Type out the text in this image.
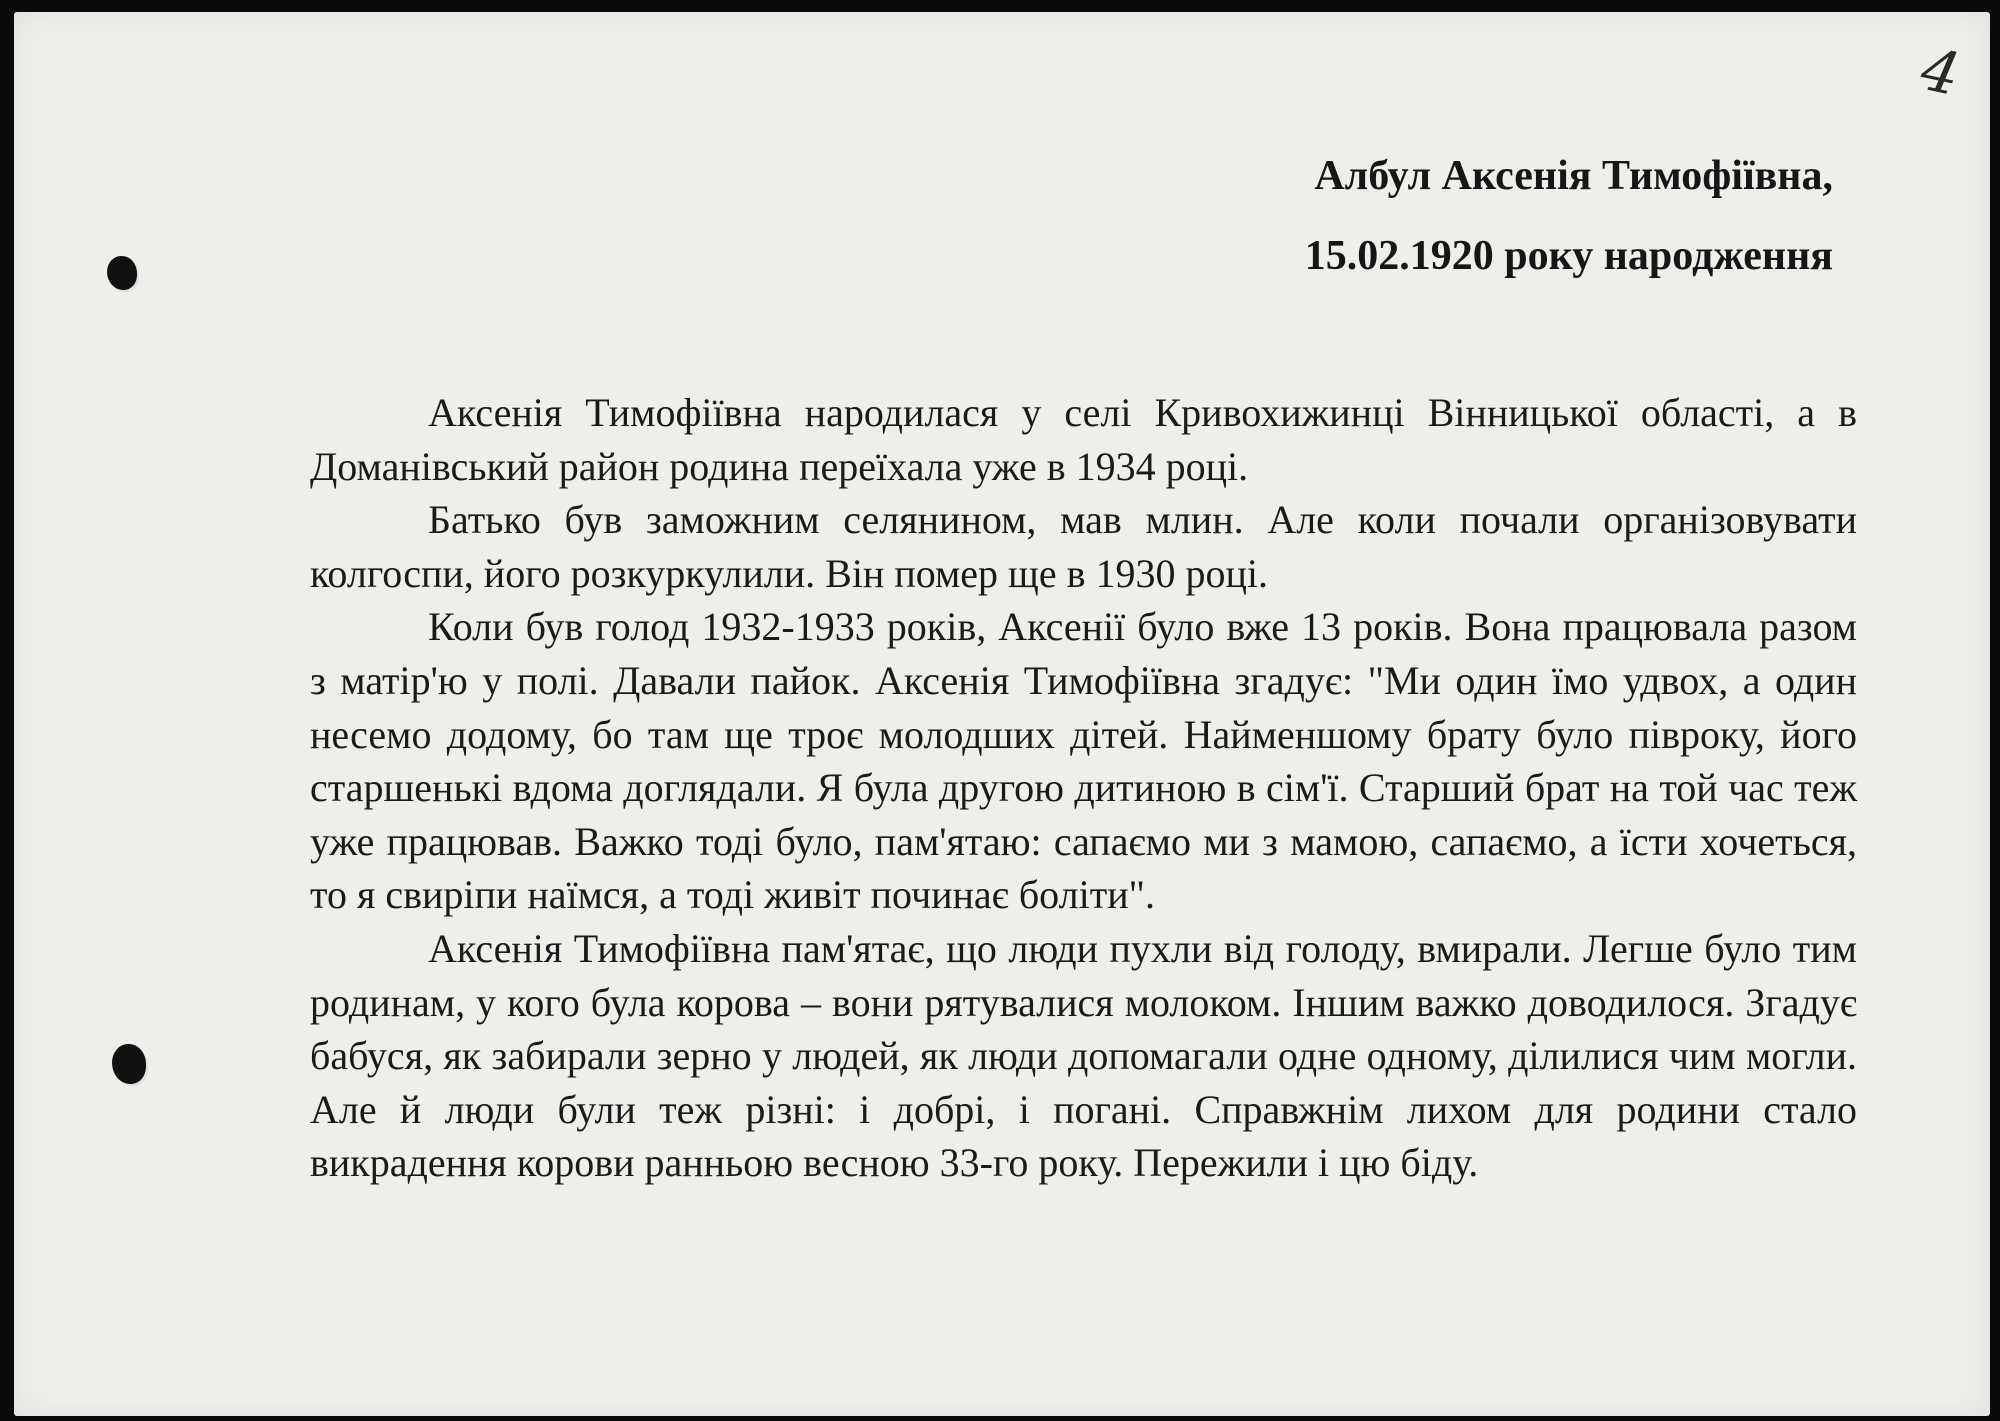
4
Албул Аксенія Тимофіївна,
15.02.1920 року народження

Аксенія Тимофіївна народилася у селі Кривохижинці Вінницької області, а в Доманівський район родина переїхала уже в 1934 році.

Батько був заможним селянином, мав млин. Але коли почали організовувати колгоспи, його розкуркулили. Він помер ще в 1930 році.

Коли був голод 1932-1933 років, Аксенії було вже 13 років. Вона працювала разом з матір'ю у полі. Давали пайок. Аксенія Тимофіївна згадує: "Ми один їмо удвох, а один несемо додому, бо там ще троє молодших дітей. Найменшому брату було півроку, його старшенькі вдома доглядали. Я була другою дитиною в сім'ї. Старший брат на той час теж уже працював. Важко тоді було, пам'ятаю: сапаємо ми з мамою, сапаємо, а їсти хочеться, то я свиріпи наїмся, а тоді живіт починає боліти".

Аксенія Тимофіївна пам'ятає, що люди пухли від голоду, вмирали. Легше було тим родинам, у кого була корова – вони рятувалися молоком. Іншим важко доводилося. Згадує бабуся, як забирали зерно у людей, як люди допомагали одне одному, ділилися чим могли. Але й люди були теж різні: і добрі, і погані. Справжнім лихом для родини стало викрадення корови ранньою весною 33-го року. Пережили і цю біду.
